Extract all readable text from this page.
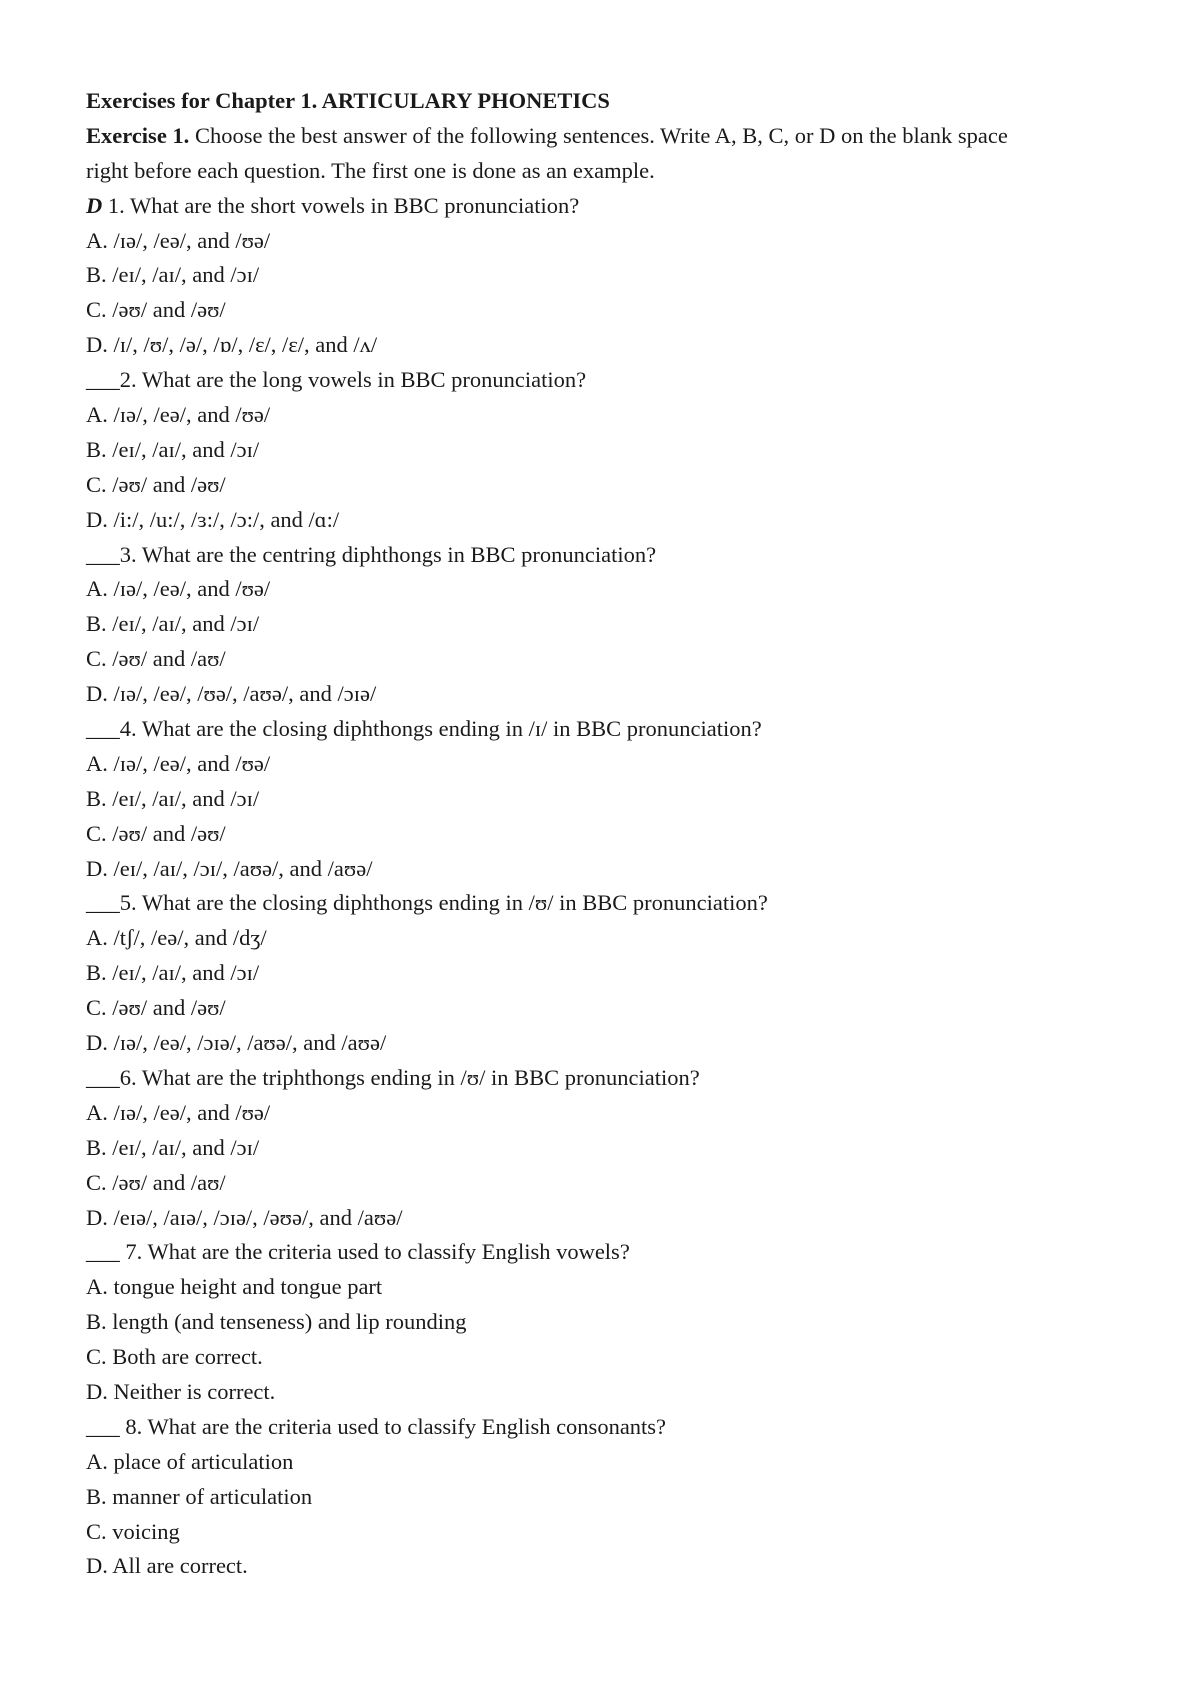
Exercises for Chapter 1. ARTICULARY PHONETICS
Exercise 1. Choose the best answer of the following sentences. Write A, B, C, or D on the blank space
right before each question. The first one is done as an example.
D 1. What are the short vowels in BBC pronunciation?
A. /ɪə/, /eə/, and /ʊə/
B. /eɪ/, /aɪ/, and /ɔɪ/
C. /əʊ/ and /əʊ/
D. /ɪ/, /ʊ/, /ə/, /ɒ/, /ɛ/, /ɛ/, and /ʌ/
___2. What are the long vowels in BBC pronunciation?
A. /ɪə/, /eə/, and /ʊə/
B. /eɪ/, /aɪ/, and /ɔɪ/
C. /əʊ/ and /əʊ/
D. /i:/, /u:/, /ɜ:/, /ɔ:/, and /ɑ:/
___3. What are the centring diphthongs in BBC pronunciation?
A. /ɪə/, /eə/, and /ʊə/
B. /eɪ/, /aɪ/, and /ɔɪ/
C. /əʊ/ and /aʊ/
D. /ɪə/, /eə/, /ʊə/, /aʊə/, and /ɔɪə/
___4. What are the closing diphthongs ending in /ɪ/ in BBC pronunciation?
A. /ɪə/, /eə/, and /ʊə/
B. /eɪ/, /aɪ/, and /ɔɪ/
C. /əʊ/ and /əʊ/
D. /eɪ/, /aɪ/, /ɔɪ/, /aʊə/, and /aʊə/
___5. What are the closing diphthongs ending in /ʊ/ in BBC pronunciation?
A. /tʃ/, /eə/, and /dʒ/
B. /eɪ/, /aɪ/, and /ɔɪ/
C. /əʊ/ and /əʊ/
D. /ɪə/, /eə/, /ɔɪə/, /aʊə/, and /aʊə/
___6. What are the triphthongs ending in /ʊ/ in BBC pronunciation?
A. /ɪə/, /eə/, and /ʊə/
B. /eɪ/, /aɪ/, and /ɔɪ/
C. /əʊ/ and /aʊ/
D. /eɪə/, /aɪə/, /ɔɪə/, /əʊə/, and /aʊə/
___ 7. What are the criteria used to classify English vowels?
A. tongue height and tongue part
B. length (and tenseness) and lip rounding
C. Both are correct.
D. Neither is correct.
___ 8. What are the criteria used to classify English consonants?
A. place of articulation
B. manner of articulation
C. voicing
D. All are correct.
